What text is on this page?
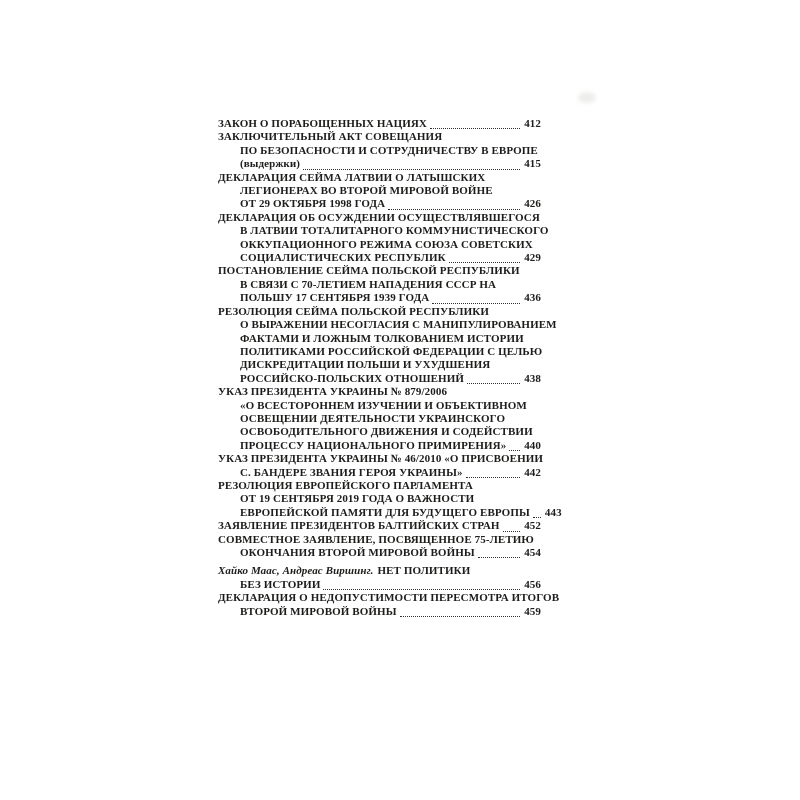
ЗАКОН О ПОРАБОЩЕННЫХ НАЦИЯХ	412
ЗАКЛЮЧИТЕЛЬНЫЙ АКТ СОВЕЩАНИЯ
ПО БЕЗОПАСНОСТИ И СОТРУДНИЧЕСТВУ В ЕВРОПЕ
(выдержки)	415
ДЕКЛАРАЦИЯ СЕЙМА ЛАТВИИ О ЛАТЫШСКИХ
ЛЕГИОНЕРАХ ВО ВТОРОЙ МИРОВОЙ ВОЙНЕ
ОТ 29 ОКТЯБРЯ 1998 ГОДА	426
ДЕКЛАРАЦИЯ ОБ ОСУЖДЕНИИ ОСУЩЕСТВЛЯВШЕГОСЯ
В ЛАТВИИ ТОТАЛИТАРНОГО КОММУНИСТИЧЕСКОГО
ОККУПАЦИОННОГО РЕЖИМА СОЮЗА СОВЕТСКИХ
СОЦИАЛИСТИЧЕСКИХ РЕСПУБЛИК	429
ПОСТАНОВЛЕНИЕ СЕЙМА ПОЛЬСКОЙ РЕСПУБЛИКИ
В СВЯЗИ С 70-ЛЕТИЕМ НАПАДЕНИЯ СССР НА
ПОЛЬШУ 17 СЕНТЯБРЯ 1939 ГОДА	436
РЕЗОЛЮЦИЯ СЕЙМА ПОЛЬСКОЙ РЕСПУБЛИКИ
О ВЫРАЖЕНИИ НЕСОГЛАСИЯ С МАНИПУЛИРОВАНИЕМ
ФАКТАМИ И ЛОЖНЫМ ТОЛКОВАНИЕМ ИСТОРИИ
ПОЛИТИКАМИ РОССИЙСКОЙ ФЕДЕРАЦИИ С ЦЕЛЬЮ
ДИСКРЕДИТАЦИИ ПОЛЬШИ И УХУДШЕНИЯ
РОССИЙСКО-ПОЛЬСКИХ ОТНОШЕНИЙ	438
УКАЗ ПРЕЗИДЕНТА УКРАИНЫ № 879/2006
«О ВСЕСТОРОННЕМ ИЗУЧЕНИИ И ОБЪЕКТИВНОМ
ОСВЕЩЕНИИ ДЕЯТЕЛЬНОСТИ УКРАИНСКОГО
ОСВОБОДИТЕЛЬНОГО ДВИЖЕНИЯ И СОДЕЙСТВИИ
ПРОЦЕССУ НАЦИОНАЛЬНОГО ПРИМИРЕНИЯ» 440
УКАЗ ПРЕЗИДЕНТА УКРАИНЫ № 46/2010 «О ПРИСВОЕНИИ
С. БАНДЕРЕ ЗВАНИЯ ГЕРОЯ УКРАИНЫ»	442
РЕЗОЛЮЦИЯ ЕВРОПЕЙСКОГО ПАРЛАМЕНТА
ОТ 19 СЕНТЯБРЯ 2019 ГОДА О ВАЖНОСТИ
ЕВРОПЕЙСКОЙ ПАМЯТИ ДЛЯ БУДУЩЕГО ЕВРОПЫ 443
ЗАЯВЛЕНИЕ ПРЕЗИДЕНТОВ БАЛТИЙСКИХ СТРАН 452
СОВМЕСТНОЕ ЗАЯВЛЕНИЕ, ПОСВЯЩЕННОЕ 75-ЛЕТИЮ
ОКОНЧАНИЯ ВТОРОЙ МИРОВОЙ ВОЙНЫ	454
Хайко Маас, Андреас Виршинг. НЕТ ПОЛИТИКИ
БЕЗ ИСТОРИИ	456
ДЕКЛАРАЦИЯ О НЕДОПУСТИМОСТИ ПЕРЕСМОТРА ИТОГОВ
ВТОРОЙ МИРОВОЙ ВОЙНЫ	459
